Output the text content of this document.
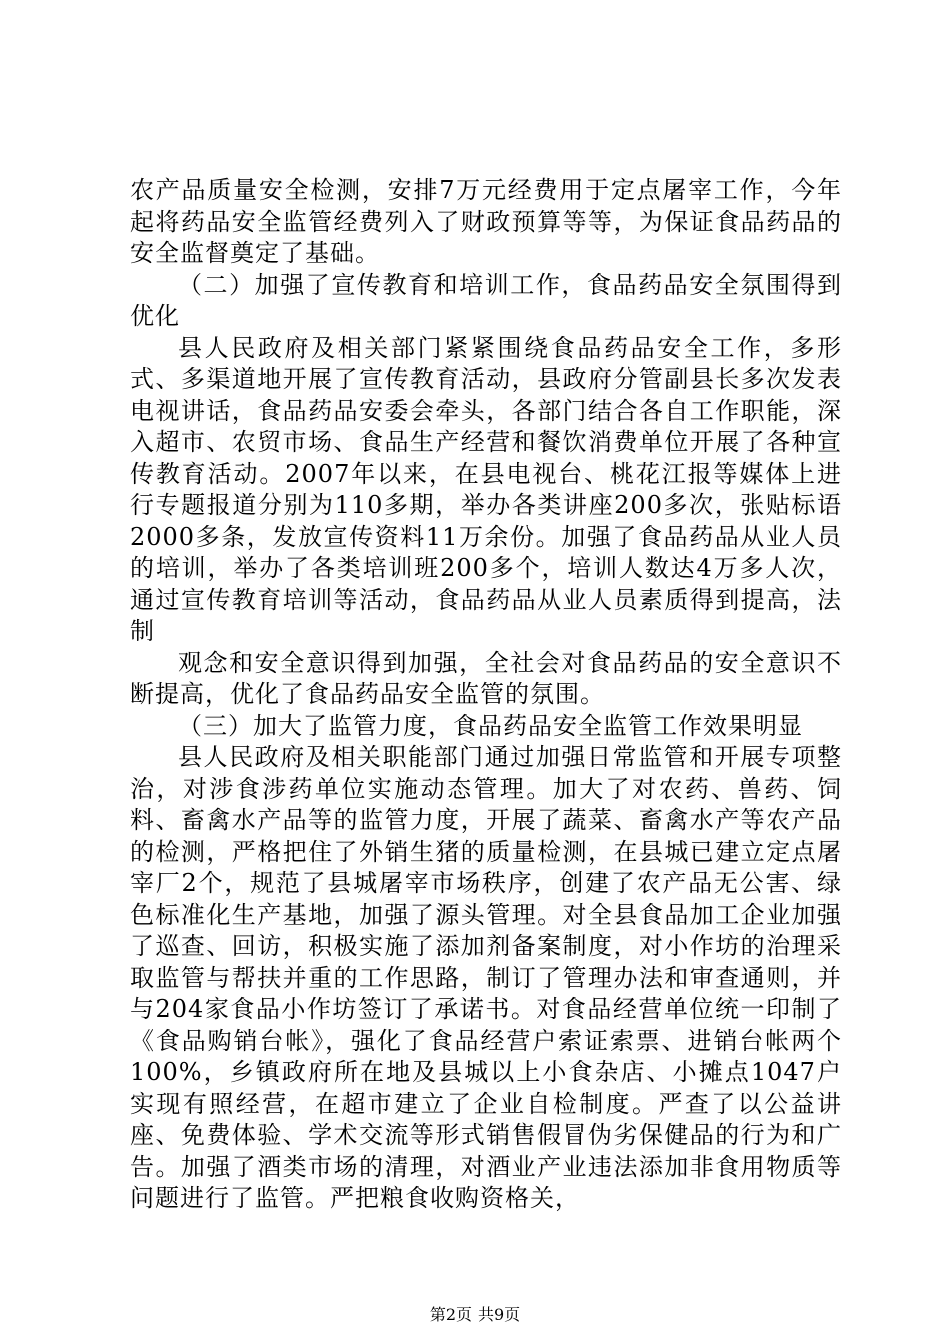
农产品质量安全检测，安排7万元经费用于定点屠宰工作，今年起将药品安全监管经费列入了财政预算等等，为保证食品药品的安全监督奠定了基础。

（二）加强了宣传教育和培训工作，食品药品安全氛围得到优化

县人民政府及相关部门紧紧围绕食品药品安全工作，多形式、多渠道地开展了宣传教育活动，县政府分管副县长多次发表电视讲话，食品药品安委会牵头，各部门结合各自工作职能，深入超市、农贸市场、食品生产经营和餐饮消费单位开展了各种宣传教育活动。2007年以来，在县电视台、桃花江报等媒体上进行专题报道分别为110多期，举办各类讲座200多次，张贴标语2000多条，发放宣传资料11万余份。加强了食品药品从业人员的培训，举办了各类培训班200多个，培训人数达4万多人次，通过宣传教育培训等活动，食品药品从业人员素质得到提高，法制

观念和安全意识得到加强，全社会对食品药品的安全意识不断提高，优化了食品药品安全监管的氛围。

（三）加大了监管力度，食品药品安全监管工作效果明显

县人民政府及相关职能部门通过加强日常监管和开展专项整治，对涉食涉药单位实施动态管理。加大了对农药、兽药、饲料、畜禽水产品等的监管力度，开展了蔬菜、畜禽水产等农产品的检测，严格把住了外销生猪的质量检测，在县城已建立定点屠宰厂2个，规范了县城屠宰市场秩序，创建了农产品无公害、绿色标准化生产基地，加强了源头管理。对全县食品加工企业加强了巡查、回访，积极实施了添加剂备案制度，对小作坊的治理采取监管与帮扶并重的工作思路，制订了管理办法和审查通则，并与204家食品小作坊签订了承诺书。对食品经营单位统一印制了《食品购销台帐》，强化了食品经营户索证索票、进销台帐两个100%，乡镇政府所在地及县城以上小食杂店、小摊点1047户实现有照经营，在超市建立了企业自检制度。严查了以公益讲座、免费体验、学术交流等形式销售假冒伪劣保健品的行为和广告。加强了酒类市场的清理，对酒业产业违法添加非食用物质等问题进行了监管。严把粮食收购资格关，

第2页 共9页
